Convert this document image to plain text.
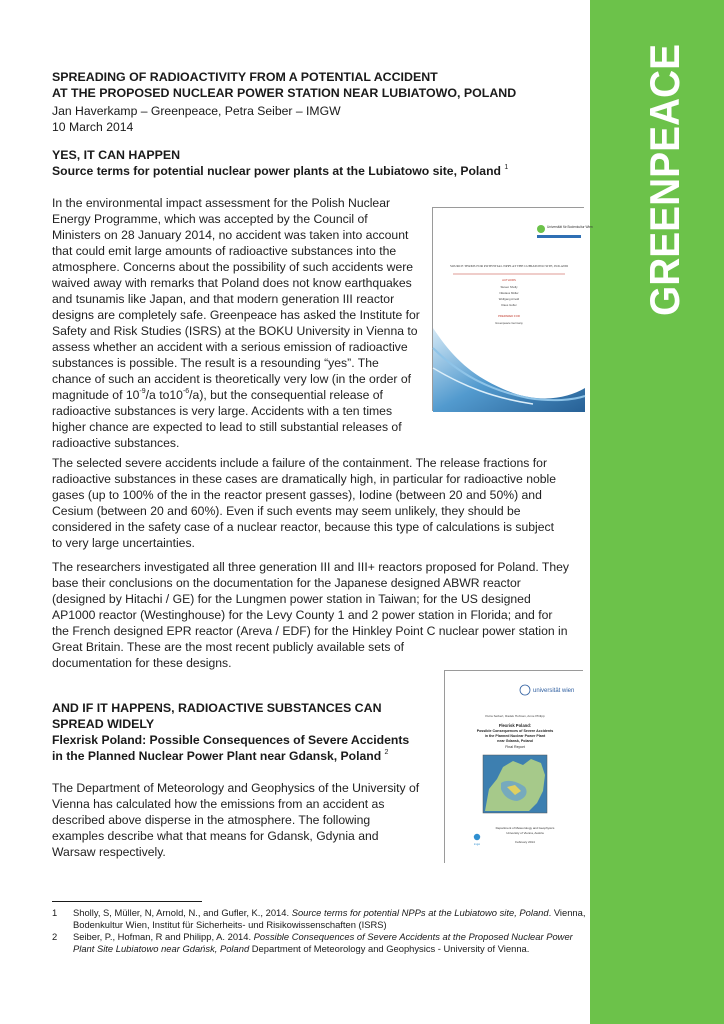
GREENPEACE
SPREADING OF RADIOACTIVITY FROM A POTENTIAL ACCIDENT
AT THE PROPOSED NUCLEAR POWER STATION NEAR LUBIATOWO, POLAND
Jan Haverkamp – Greenpeace, Petra Seiber – IMGW
10 March 2014
YES, IT CAN HAPPEN
Source terms for potential nuclear power plants at the Lubiatowo site, Poland $^1$
In the environmental impact assessment for the Polish Nuclear
Energy Programme, which was accepted by the Council of
Ministers on 28 January 2014, no accident was taken into account
that could emit large amounts of radioactive substances into the
atmosphere. Concerns about the possibility of such accidents were
waived away with remarks that Poland does not know earthquakes
and tsunamis like Japan, and that modern generation III reactor
designs are completely safe. Greenpeace has asked the Institute for
Safety and Risk Studies (ISRS) at the BOKU University in Vienna to
assess whether an accident with a serious emission of radioactive
substances is possible. The result is a resounding “yes”. The
chance of such an accident is theoretically very low (in the order of
magnitude of $10^{-9}/a$ $to10^{-6}/a$), but the consequential release of
radioactive substances is very large. Accidents with a ten times
higher chance are expected to lead to still substantial releases of
radioactive substances.
Universität für Bodenkultur Wien
SOURCE TERMS FOR POTENTIAL NPPS AT THE LUBIATOWO SITE, POLAND
AUTHORS
Steven Sholly
Nikolaus Müller
Wolfgang Arnold
Klaus Gufler
PREPARED FOR
Greenpeace Germany
The selected severe accidents include a failure of the containment. The release fractions for
radioactive substances in these cases are dramatically high, in particular for radioactive noble
gases (up to 100% of the in the reactor present gasses), Iodine (between 20 and 50%) and
Cesium (between 20 and 60%). Even if such events may seem unlikely, they should be
considered in the safety case of a nuclear reactor, because this type of calculations is subject
to very large uncertainties.
The researchers investigated all three generation III and III+ reactors proposed for Poland. They
base their conclusions on the documentation for the Japanese designed ABWR reactor
(designed by Hitachi / GE) for the Lungmen power station in Taiwan; for the US designed
AP1000 reactor (Westinghouse) for the Levy County 1 and 2 power station in Florida; and for
the French designed EPR reactor (Areva / EDF) for the Hinkley Point C nuclear power station in
Great Britain. These are the most recent publicly available sets of
documentation for these designs.
AND IF IT HAPPENS, RADIOACTIVE SUBSTANCES CAN
SPREAD WIDELY
Flexrisk Poland: Possible Consequences of Severe Accidents
in the Planned Nuclear Power Plant near Gdansk, Poland $^2$
The Department of Meteorology and Geophysics of the University of
Vienna has calculated how the emissions from an accident as
described above disperse in the atmosphere. The following
examples describe what that means for Gdansk, Gdynia and
Warsaw respectively.
universität wien
Petra Seibert, Radek Hofman, Anne Philipp
Flexrisk Poland:
Possible Consequences of Severe Accidents
in the Planned Nuclear Power Plant
near Gdansk, Poland
Final Report
imgw
Department of Meteorology and Geophysics
University of Vienna, Austria
February 2014
1 Sholly, S, Müller, N, Arnold, N., and Gufler, K., 2014. Source terms for potential NPPs at the Lubiatowo site, Poland. Vienna,
Bodenkultur Wien, Institut für Sicherheits- und Risikowissenschaften (ISRS)
2 Seiber, P., Hofman, R and Philipp, A. 2014. Possible Consequences of Severe Accidents at the Proposed Nuclear Power
Plant Site Lubiatowo near Gdańsk, Poland Department of Meteorology and Geophysics - University of Vienna.
